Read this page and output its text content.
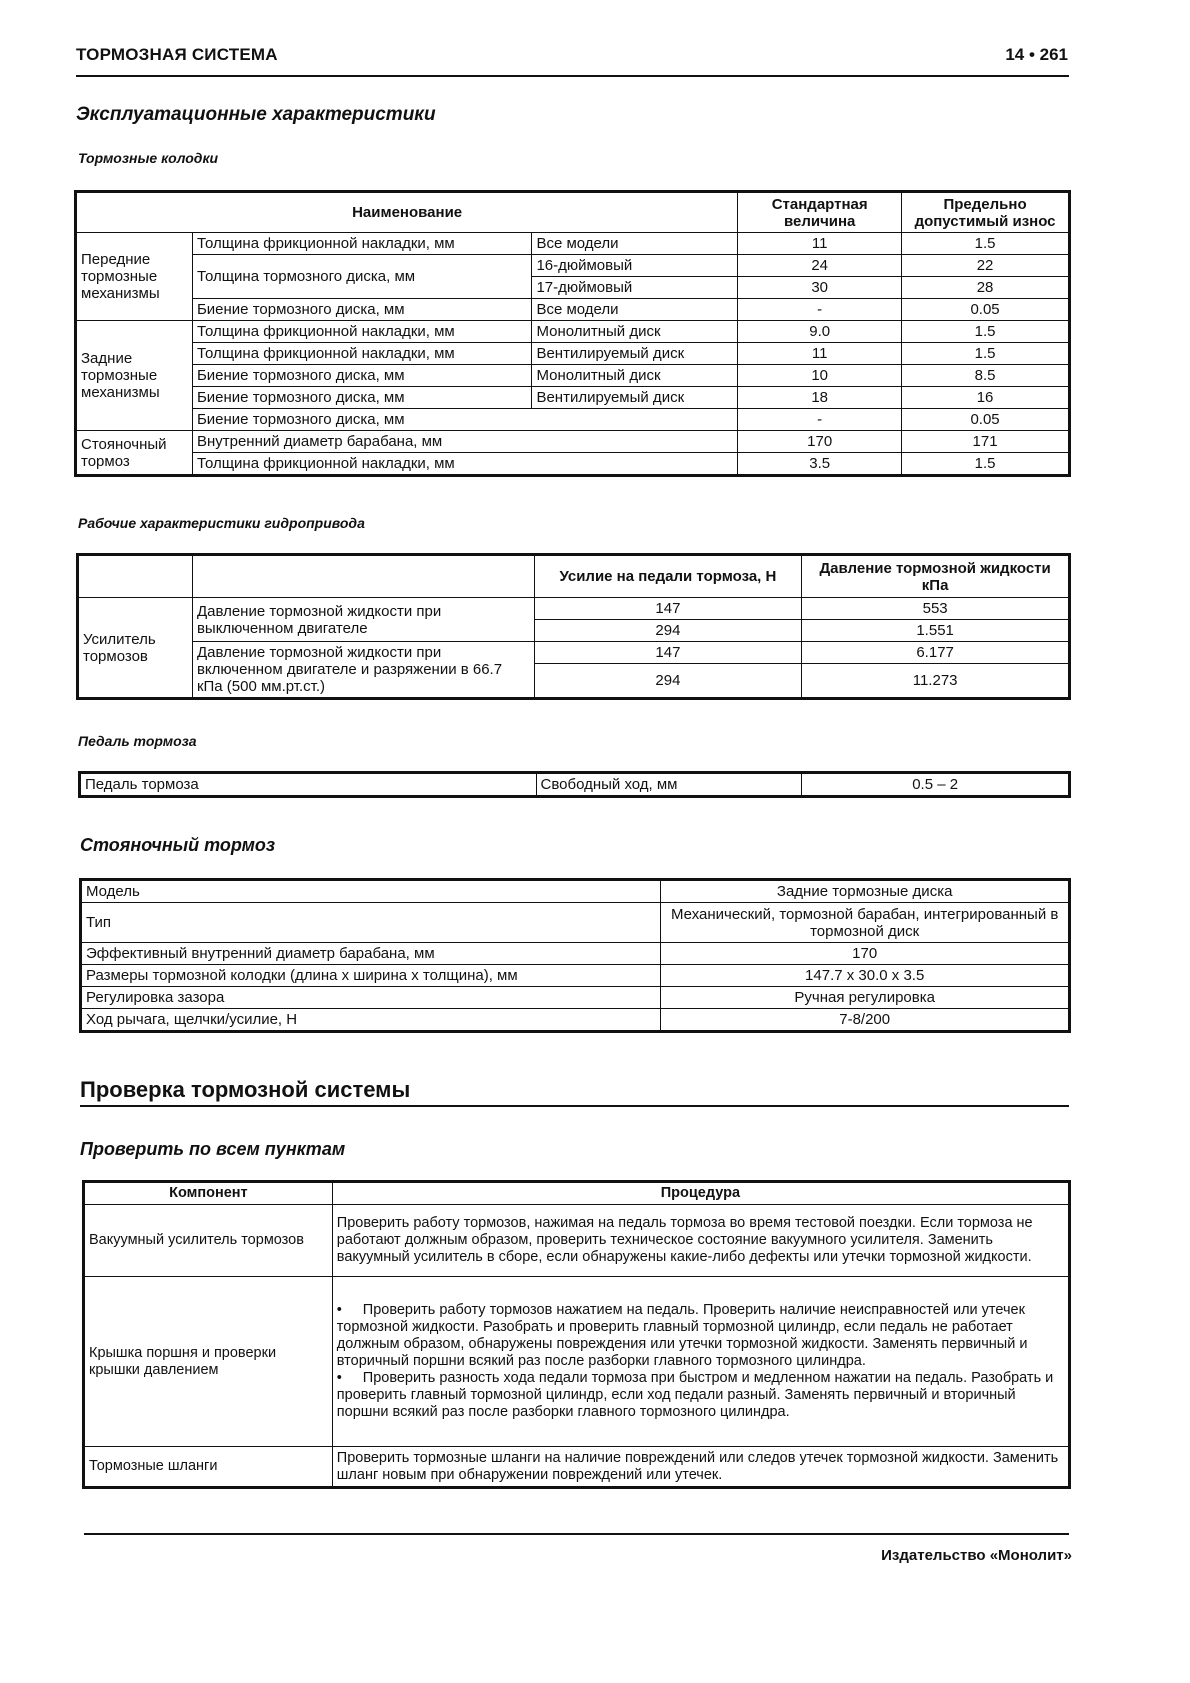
ТОРМОЗНАЯ СИСТЕМА	14 • 261
Эксплуатационные характеристики
Тормозные колодки
Наименование			Стандартная величина	Предельно допустимый износ
Передние тормозные механизмы	Толщина фрикционной накладки, мм	Все модели	11	1.5
	Толщина тормозного диска, мм	16-дюймовый	24	22
		17-дюймовый	30	28
	Биение тормозного диска, мм	Все модели	-	0.05
Задние тормозные механизмы	Толщина фрикционной накладки, мм	Монолитный диск	9.0	1.5
	Толщина фрикционной накладки, мм	Вентилируемый диск	11	1.5
	Биение тормозного диска, мм	Монолитный диск	10	8.5
	Биение тормозного диска, мм	Вентилируемый диск	18	16
	Биение тормозного диска, мм		-	0.05
Стояночный тормоз	Внутренний диаметр барабана, мм		170	171
	Толщина фрикционной накладки, мм		3.5	1.5
Рабочие характеристики гидропривода
		Усилие на педали тормоза, Н	Давление тормозной жидкости кПа
Усилитель тормозов	Давление тормозной жидкости при выключенном двигателе	147	553
		294	1.551
	Давление тормозной жидкости при включенном двигателе и разряжении в 66.7 кПа (500 мм.рт.ст.)	147	6.177
		294	11.273
Педаль тормоза
Педаль тормоза	Свободный ход, мм	0.5 – 2
Стояночный тормоз
Модель	Задние тормозные диска
Тип	Механический, тормозной барабан, интегрированный в тормозной диск
Эффективный внутренний диаметр барабана, мм	170
Размеры тормозной колодки (длина х ширина х толщина), мм	147.7 х 30.0 х 3.5
Регулировка зазора	Ручная регулировка
Ход рычага, щелчки/усилие, Н	7-8/200
Проверка тормозной системы
Проверить по всем пунктам
Компонент	Процедура
Вакуумный усилитель тормозов	Проверить работу тормозов, нажимая на педаль тормоза во время тестовой поездки. Если тормоза не работают должным образом, проверить техническое состояние вакуумного усилителя. Заменить вакуумный усилитель в сборе, если обнаружены какие-либо дефекты или утечки тормозной жидкости.
Крышка поршня и проверки крышки давлением	• Проверить работу тормозов нажатием на педаль. Проверить наличие неисправностей или утечек тормозной жидкости. Разобрать и проверить главный тормозной цилиндр, если педаль не работает должным образом, обнаружены повреждения или утечки тормозной жидкости. Заменять первичный и вторичный поршни всякий раз после разборки главного тормозного цилиндра.
• Проверить разность хода педали тормоза при быстром и медленном нажатии на педаль. Разобрать и проверить главный тормозной цилиндр, если ход педали разный. Заменять первичный и вторичный поршни всякий раз после разборки главного тормозного цилиндра.

Тормозные шланги	Проверить тормозные шланги на наличие повреждений или следов утечек тормозной жидкости. Заменить шланг новым при обнаружении повреждений или утечек.
Издательство «Монолит»
